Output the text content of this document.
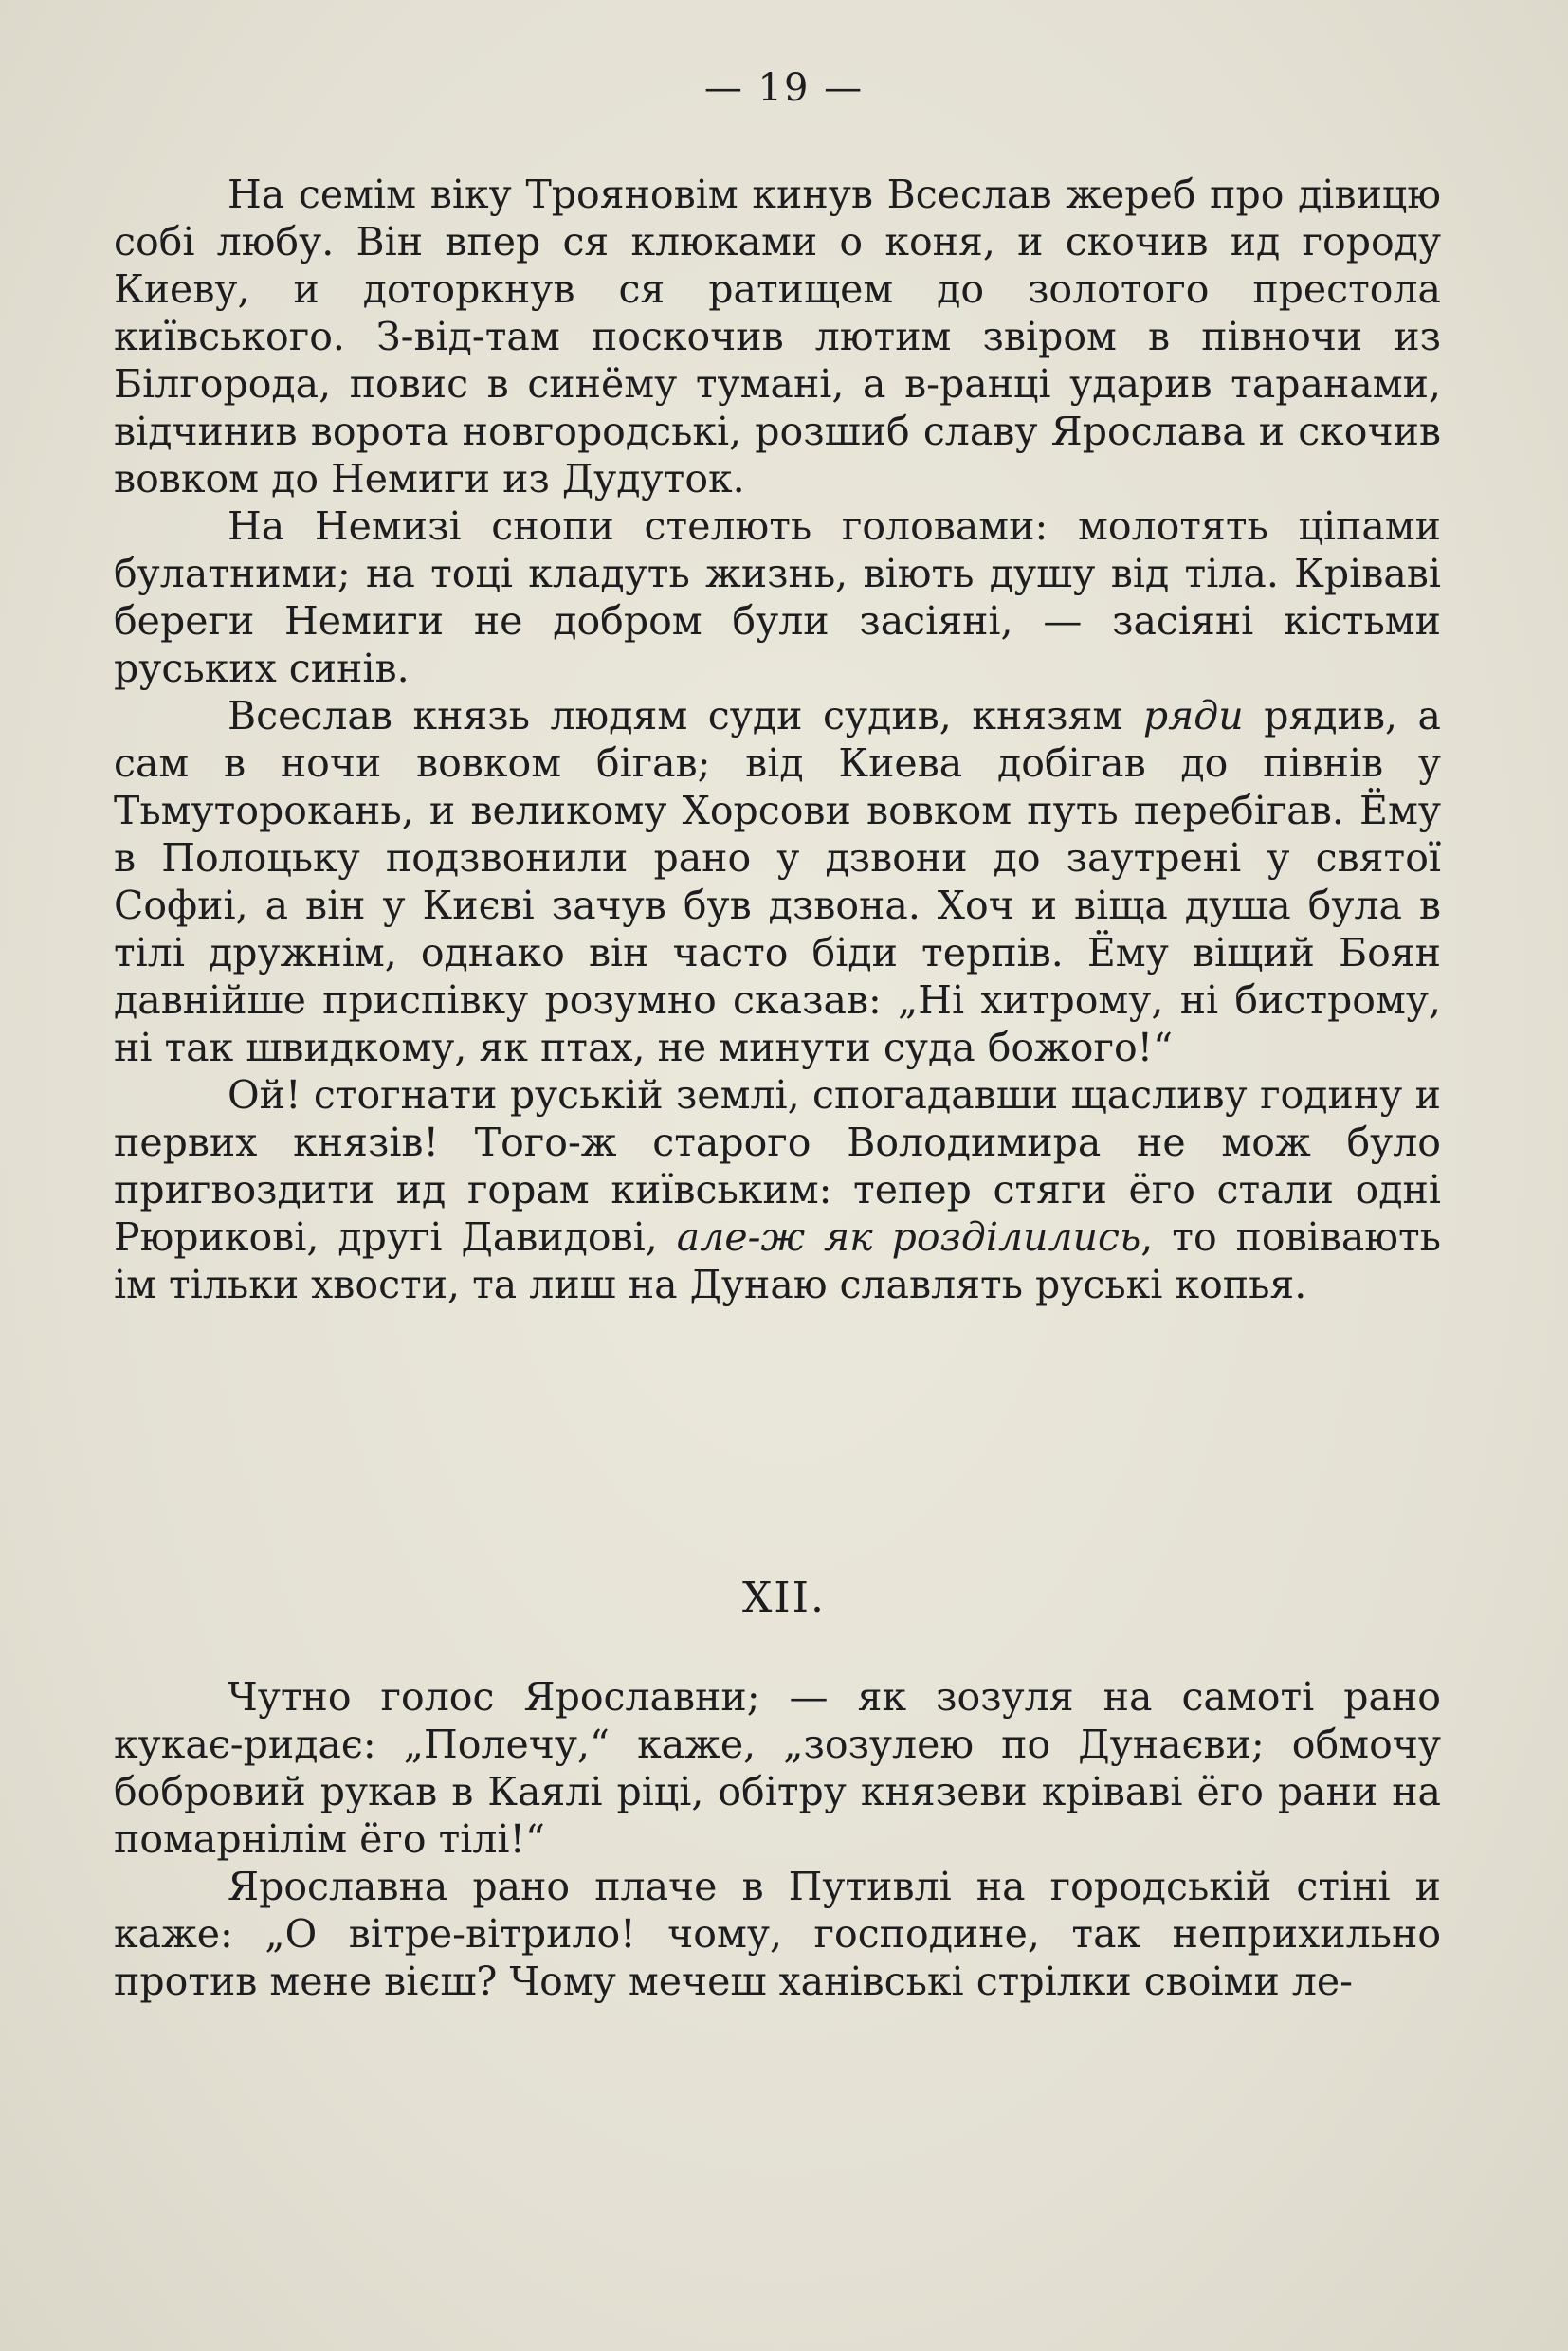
— 19 —

На семім віку Трояновім кинув Всеслав жереб про дівицю собі любу. Він впер ся клюками о коня, и скочив ид городу Киеву, и доторкнув ся ратищем до золотого престола київського. З-від-там поскочив лютим звіром в півночи из Білгорода, повис в синёму тумані, а в-ранці ударив таранами, відчинив ворота новгородські, розшиб славу Ярослава и скочив вовком до Немиги из Дудуток.

На Немизі снопи стелють головами: молотять ціпами булатними; на тоці кладуть жизнь, віють душу від тіла. Кріваві береги Немиги не добром були засіяні, — засіяні кістьми руських синів.

Всеслав князь людям суди судив, князям ряди рядив, а сам в ночи вовком бігав; від Киева добігав до півнів у Тьмуторокань, и великому Хорсови вовком путь перебігав. Ёму в Полоцьку подзвонили рано у дзвони до заутрені у святої Софиі, а він у Києві зачув був дзвона. Хоч и віща душа була в тілі дружнім, однако він часто біди терпів. Ёму віщий Боян давнійше приспівку розумно сказав: „Ні хитрому, ні бистрому, ні так швидкому, як птах, не минути суда божого!“

Ой! стогнати руській землі, спогадавши щасливу годину и первих князів! Того-ж старого Володимира не мож було пригвоздити ид горам київським: тепер стяги ёго стали одні Рюрикові, другі Давидові, але-ж як розділились, то повівають ім тільки хвости, та лиш на Дунаю славлять руські копья.

XII.

Чутно голос Ярославни; — як зозуля на самоті рано кукає-ридає: „Полечу,“ каже, „зозулею по Дунаєви; обмочу бобровий рукав в Каялі ріці, обітру князеви кріваві ёго рани на помарнілім ёго тілі!“

Ярославна рано плаче в Путивлі на городській стіні и каже: „О вітре-вітрило! чому, господине, так неприхильно против мене вієш? Чому мечеш ханівські стрілки своіми ле-
